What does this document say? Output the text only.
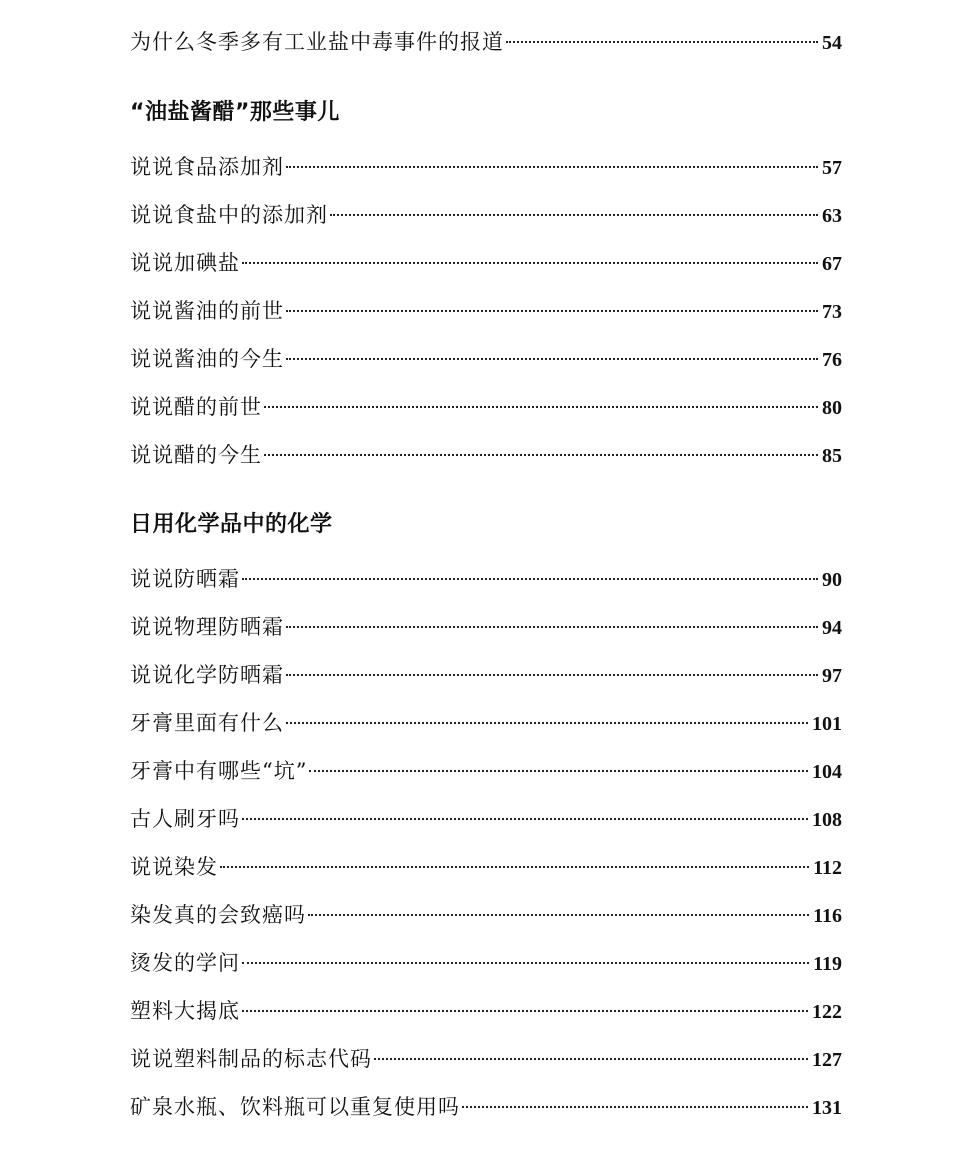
为什么冬季多有工业盐中毒事件的报道	54
“油盐酱醋”那些事儿
说说食品添加剂	57
说说食盐中的添加剂	63
说说加碘盐	67
说说酱油的前世	73
说说酱油的今生	76
说说醋的前世	80
说说醋的今生	85
日用化学品中的化学
说说防晒霜	90
说说物理防晒霜	94
说说化学防晒霜	97
牙膏里面有什么	101
牙膏中有哪些“坑”	104
古人刷牙吗	108
说说染发	112
染发真的会致癌吗	116
烫发的学问	119
塑料大揭底	122
说说塑料制品的标志代码	127
矿泉水瓶、饮料瓶可以重复使用吗	131
